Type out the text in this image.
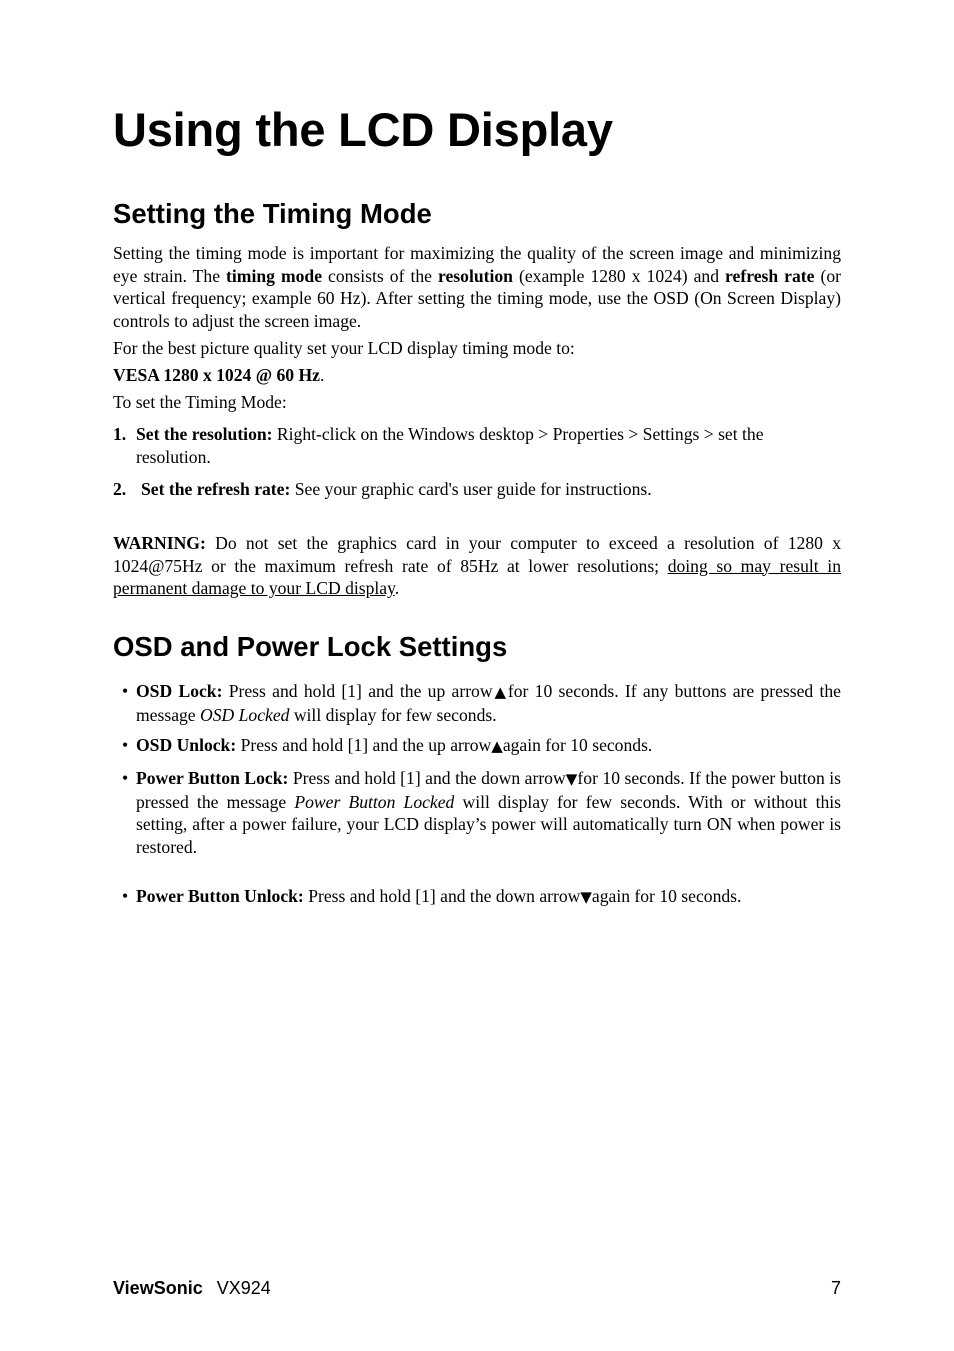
Using the LCD Display
Setting the Timing Mode

Setting the timing mode is important for maximizing the quality of the screen image and minimizing eye strain. The timing mode consists of the resolution (example 1280 x 1024) and refresh rate (or vertical frequency; example 60 Hz). After setting the timing mode, use the OSD (On Screen Display) controls to adjust the screen image.

For the best picture quality set your LCD display timing mode to:

VESA 1280 x 1024 @ 60 Hz.

To set the Timing Mode:

1. Set the resolution: Right-click on the Windows desktop > Properties > Settings > set the resolution.

2. Set the refresh rate: See your graphic card's user guide for instructions.

WARNING: Do not set the graphics card in your computer to exceed a resolution of 1280 x 1024@75Hz or the maximum refresh rate of 85Hz at lower resolutions; doing so may result in permanent damage to your LCD display.

OSD and Power Lock Settings
• OSD Lock: Press and hold [1] and the up arrow▲for 10 seconds. If any buttons are pressed the message OSD Locked will display for few seconds.

• OSD Unlock: Press and hold [1] and the up arrow▲again for 10 seconds.

• Power Button Lock: Press and hold [1] and the down arrow▼for 10 seconds. If the power button is pressed the message Power Button Locked will display for few seconds. With or without this setting, after a power failure, your LCD display’s power will automatically turn ON when power is restored.

• Power Button Unlock: Press and hold [1] and the down arrow▼again for 10 seconds.

ViewSonic VX924	7
